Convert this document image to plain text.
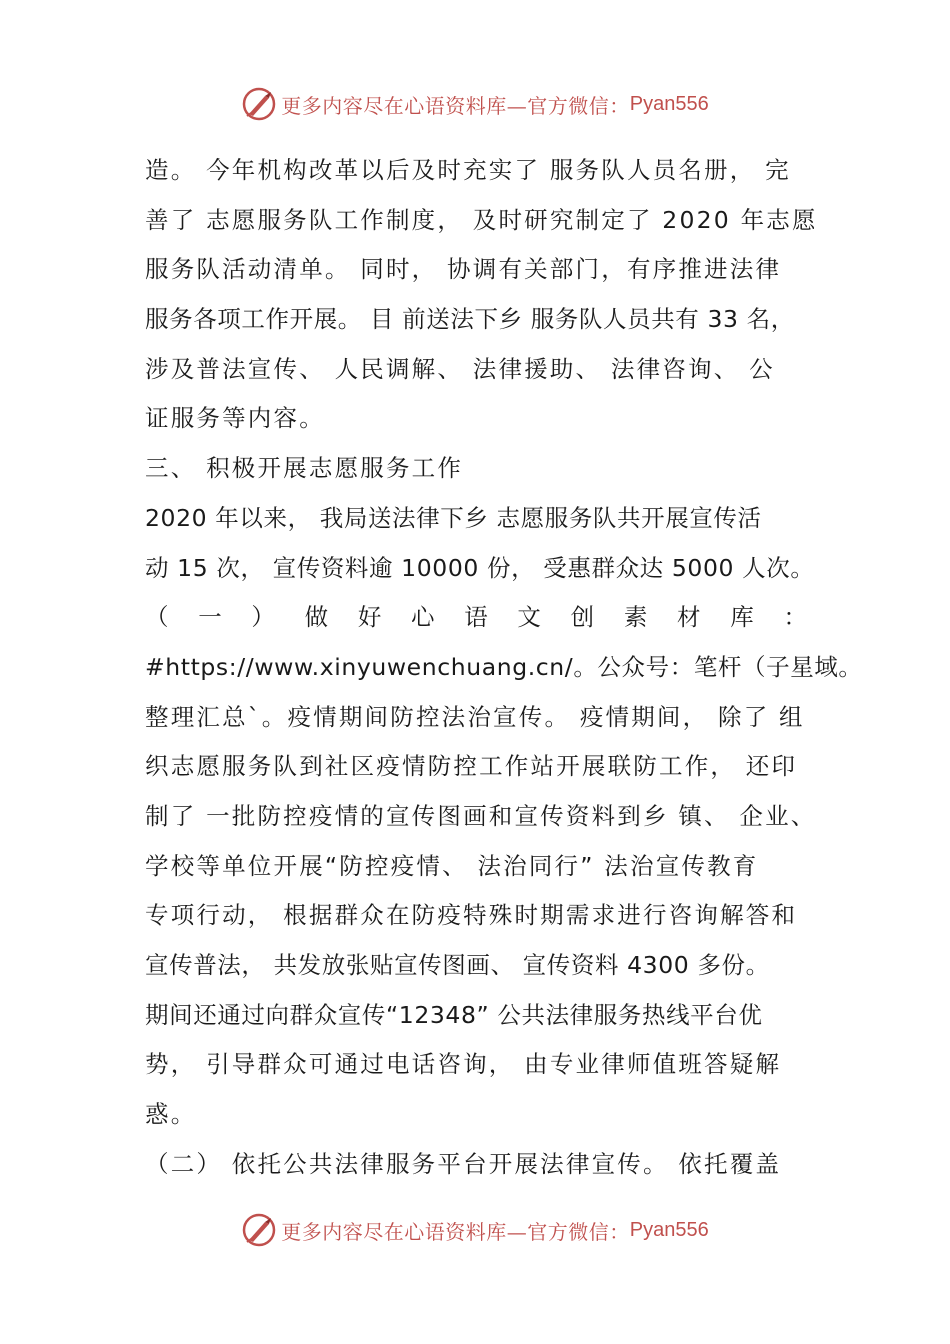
更多内容尽在心语资料库—官方微信： Pyan556
造。 今年机构改革以后及时充实了 服务队人员名册， 完
善了 志愿服务队工作制度， 及时研究制定了 2020 年志愿
服务队活动清单。 同时， 协调有关部门，有序推进法律
服务各项工作开展。 目 前送法下乡 服务队人员共有 33 名，
涉及普法宣传、 人民调解、 法律援助、 法律咨询、 公
证服务等内容。
三、 积极开展志愿服务工作
2020 年以来， 我局送法律下乡 志愿服务队共开展宣传活
动 15 次， 宣传资料逾 10000 份， 受惠群众达 5000 人次。
（ 一 ） 做 好 心 语 文 创 素 材 库 ：
#https://www.xinyuwenchuang.cn/。公众号：笔杆（子星域。
整理汇总`。疫情期间防控法治宣传。 疫情期间， 除了 组
织志愿服务队到社区疫情防控工作站开展联防工作， 还印
制了 一批防控疫情的宣传图画和宣传资料到乡 镇、 企业、
学校等单位开展“防控疫情、 法治同行” 法治宣传教育
专项行动， 根据群众在防疫特殊时期需求进行咨询解答和
宣传普法， 共发放张贴宣传图画、 宣传资料 4300 多份。
期间还通过向群众宣传“12348” 公共法律服务热线平台优
势， 引导群众可通过电话咨询， 由专业律师值班答疑解
惑。
（二） 依托公共法律服务平台开展法律宣传。 依托覆盖
更多内容尽在心语资料库—官方微信： Pyan556
